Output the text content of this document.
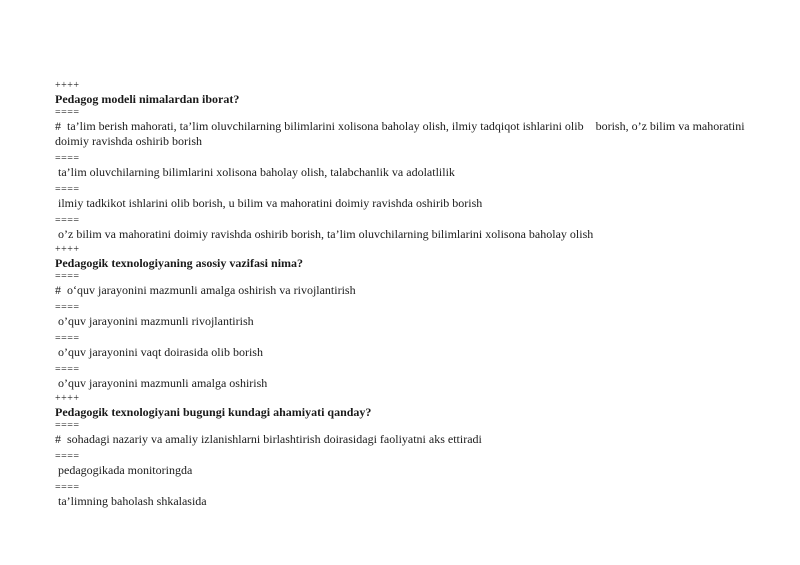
++++
Pedagog modeli nimalardan iborat?
====
#  ta’lim berish mahorati, ta’lim oluvchilarning bilimlarini xolisona baholay olish, ilmiy tadqiqot ishlarini olib    borish, o’z bilim va mahoratini doimiy ravishda oshirib borish
====
ta’lim oluvchilarning bilimlarini xolisona baholay olish, talabchanlik va adolatlilik
====
ilmiy tadkikot ishlarini olib borish, u bilim va mahoratini doimiy ravishda oshirib borish
====
o’z bilim va mahoratini doimiy ravishda oshirib borish, ta’lim oluvchilarning bilimlarini xolisona baholay olish
++++
Pedagogik texnologiyaning asosiy vazifasi nima?
====
#  o‘quv jarayonini mazmunli amalga oshirish va rivojlantirish
====
o’quv jarayonini mazmunli rivojlantirish
====
o’quv jarayonini vaqt doirasida olib borish
====
o’quv jarayonini mazmunli amalga oshirish
++++
Pedagogik texnologiyani bugungi kundagi ahamiyati qanday?
====
#  sohadagi nazariy va amaliy izlanishlarni birlashtirish doirasidagi faoliyatni aks ettiradi
====
pedagogikada monitoringda
====
ta’limning baholash shkalasida
